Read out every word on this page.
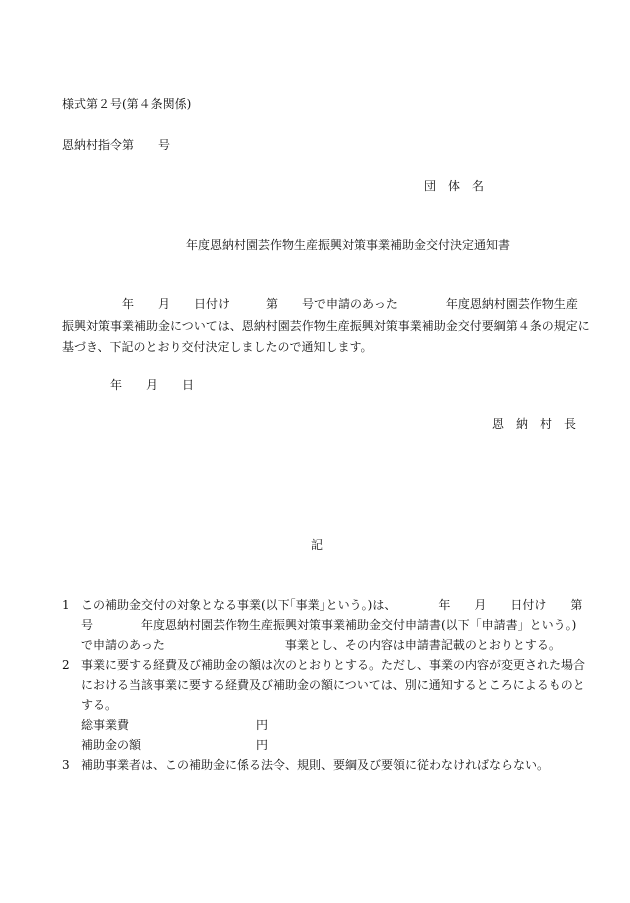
様式第２号(第４条関係)
恩納村指令第　　号
団　体　名
年度恩納村園芸作物生産振興対策事業補助金交付決定通知書
　　　　　年　　月　　日付け　　　第　　号で申請のあった　　　　年度恩納村園芸作物生産
振興対策事業補助金については、恩納村園芸作物生産振興対策事業補助金交付要綱第４条の規定に
基づき、下記のとおり交付決定しましたので通知します。
年　　月　　日
恩　納　村　長
記
1 この補助金交付の対象となる事業(以下｢事業｣という。)は、　　　　年　　月　　日付け　　第
号　　　　年度恩納村園芸作物生産振興対策事業補助金交付申請書(以下「申請書」という。)
で申請のあった　　　　　　　　　　事業とし、その内容は申請書記載のとおりとする。
2 事業に要する経費及び補助金の額は次のとおりとする。ただし、事業の内容が変更された場合
における当該事業に要する経費及び補助金の額については、別に通知するところによるものと
する。
総事業費	円
補助金の額	円
3 補助事業者は、この補助金に係る法令、規則、要綱及び要領に従わなければならない。
